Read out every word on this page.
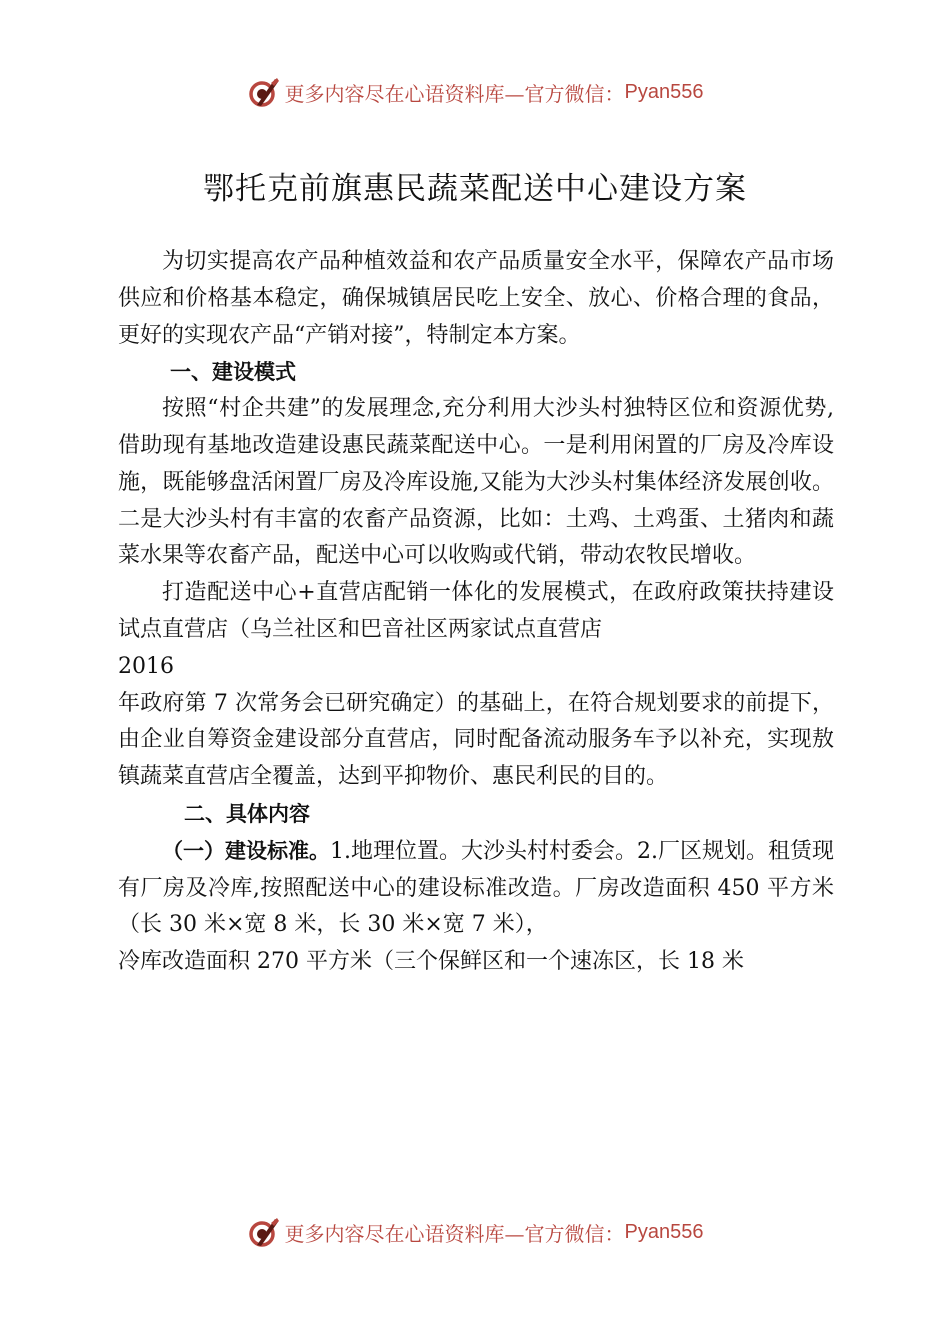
更多内容尽在心语资料库—官方微信： Pyan556
鄂托克前旗惠民蔬菜配送中心建设方案

为切实提高农产品种植效益和农产品质量安全水平，保障农产品市场供应和价格基本稳定，确保城镇居民吃上安全、放心、价格合理的食品，更好的实现农产品“产销对接”，特制定本方案。

一、建设模式

按照“村企共建”的发展理念,充分利用大沙头村独特区位和资源优势,借助现有基地改造建设惠民蔬菜配送中心。一是利用闲置的厂房及冷库设施，既能够盘活闲置厂房及冷库设施,又能为大沙头村集体经济发展创收。二是大沙头村有丰富的农畜产品资源，比如：土鸡、土鸡蛋、土猪肉和蔬菜水果等农畜产品，配送中心可以收购或代销，带动农牧民增收。

打造配送中心+直营店配销一体化的发展模式，在政府政策扶持建设试点直营店（乌兰社区和巴音社区两家试点直营店

2016

年政府第 7 次常务会已研究确定）的基础上，在符合规划要求的前提下，由企业自筹资金建设部分直营店，同时配备流动服务车予以补充，实现敖镇蔬菜直营店全覆盖，达到平抑物价、惠民利民的目的。

二、具体内容

（一）建设标准。1.地理位置。大沙头村村委会。2.厂区规划。租赁现有厂房及冷库,按照配送中心的建设标准改造。厂房改造面积 450 平方米（长 30 米×宽 8 米，长 30 米×宽 7 米），

冷库改造面积 270 平方米（三个保鲜区和一个速冻区，长 18 米

更多内容尽在心语资料库—官方微信： Pyan556
